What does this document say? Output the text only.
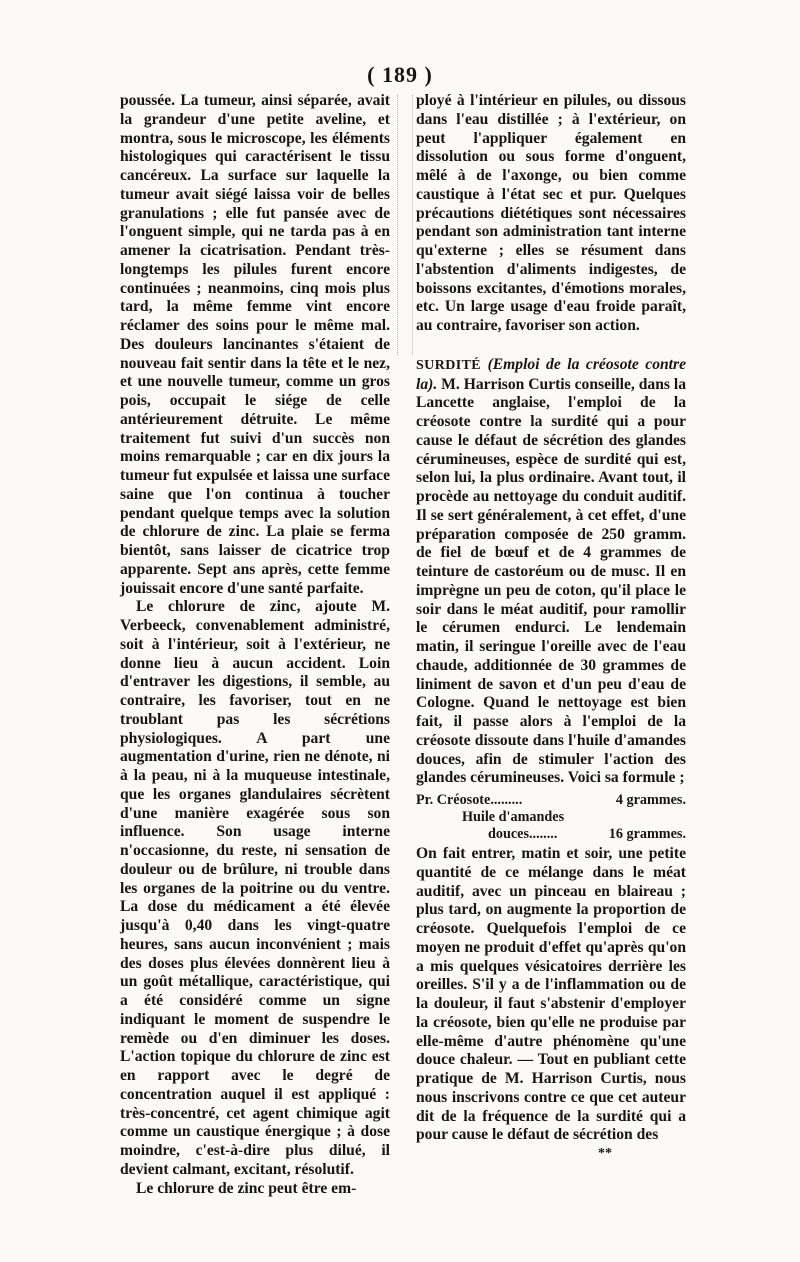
( 189 )

poussée. La tumeur, ainsi séparée, avait la grandeur d'une petite aveline, et montra, sous le microscope, les éléments histologiques qui caractérisent le tissu cancéreux. La surface sur laquelle la tumeur avait siégé laissa voir de belles granulations ; elle fut pansée avec de l'onguent simple, qui ne tarda pas à en amener la cicatrisation. Pendant très-longtemps les pilules furent encore continuées ; neanmoins, cinq mois plus tard, la même femme vint encore réclamer des soins pour le même mal. Des douleurs lancinantes s'étaient de nouveau fait sentir dans la tête et le nez, et une nouvelle tumeur, comme un gros pois, occupait le siége de celle antérieurement détruite. Le même traitement fut suivi d'un succès non moins remarquable ; car en dix jours la tumeur fut expulsée et laissa une surface saine que l'on continua à toucher pendant quelque temps avec la solution de chlorure de zinc. La plaie se ferma bientôt, sans laisser de cicatrice trop apparente. Sept ans après, cette femme jouissait encore d'une santé parfaite.

Le chlorure de zinc, ajoute M. Verbeeck, convenablement administré, soit à l'intérieur, soit à l'extérieur, ne donne lieu à aucun accident. Loin d'entraver les digestions, il semble, au contraire, les favoriser, tout en ne troublant pas les sécrétions physiologiques. A part une augmentation d'urine, rien ne dénote, ni à la peau, ni à la muqueuse intestinale, que les organes glandulaires sécrètent d'une manière exagérée sous son influence. Son usage interne n'occasionne, du reste, ni sensation de douleur ou de brûlure, ni trouble dans les organes de la poitrine ou du ventre. La dose du médicament a été élevée jusqu'à 0,40 dans les vingt-quatre heures, sans aucun inconvénient ; mais des doses plus élevées donnèrent lieu à un goût métallique, caractéristique, qui a été considéré comme un signe indiquant le moment de suspendre le remède ou d'en diminuer les doses. L'action topique du chlorure de zinc est en rapport avec le degré de concentration auquel il est appliqué : très-concentré, cet agent chimique agit comme un caustique énergique ; à dose moindre, c'est-à-dire plus dilué, il devient calmant, excitant, résolutif.

Le chlorure de zinc peut être em-

ployé à l'intérieur en pilules, ou dissous dans l'eau distillée ; à l'extérieur, on peut l'appliquer également en dissolution ou sous forme d'onguent, mêlé à de l'axonge, ou bien comme caustique à l'état sec et pur. Quelques précautions diététiques sont nécessaires pendant son administration tant interne qu'externe ; elles se résument dans l'abstention d'aliments indigestes, de boissons excitantes, d'émotions morales, etc. Un large usage d'eau froide paraît, au contraire, favoriser son action.

SURDITÉ (Emploi de la créosote contre la). M. Harrison Curtis conseille, dans la Lancette anglaise, l'emploi de la créosote contre la surdité qui a pour cause le défaut de sécrétion des glandes cérumineuses, espèce de surdité qui est, selon lui, la plus ordinaire. Avant tout, il procède au nettoyage du conduit auditif. Il se sert généralement, à cet effet, d'une préparation composée de 250 gramm. de fiel de bœuf et de 4 grammes de teinture de castoréum ou de musc. Il en imprègne un peu de coton, qu'il place le soir dans le méat auditif, pour ramollir le cérumen endurci. Le lendemain matin, il seringue l'oreille avec de l'eau chaude, additionnée de 30 grammes de liniment de savon et d'un peu d'eau de Cologne. Quand le nettoyage est bien fait, il passe alors à l'emploi de la créosote dissoute dans l'huile d'amandes douces, afin de stimuler l'action des glandes cérumineuses. Voici sa formule ;

Pr. Créosote.........	4 grammes.
Huile d'amandes
douces........	16 grammes.

On fait entrer, matin et soir, une petite quantité de ce mélange dans le méat auditif, avec un pinceau en blaireau ; plus tard, on augmente la proportion de créosote. Quelquefois l'emploi de ce moyen ne produit d'effet qu'après qu'on a mis quelques vésicatoires derrière les oreilles. S'il y a de l'inflammation ou de la douleur, il faut s'abstenir d'employer la créosote, bien qu'elle ne produise par elle-même d'autre phénomène qu'une douce chaleur. — Tout en publiant cette pratique de M. Harrison Curtis, nous nous inscrivons contre ce que cet auteur dit de la fréquence de la surdité qui a pour cause le défaut de sécrétion des

**
